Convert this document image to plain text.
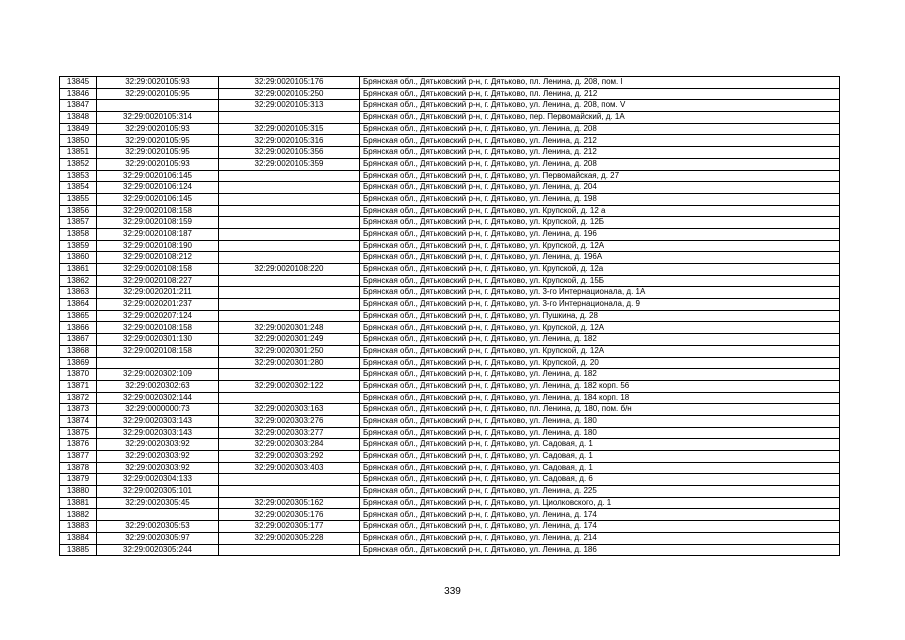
13845	32:29:0020105:93	32:29:0020105:176	Брянская обл., Дятьковский р-н, г. Дятьково, пл. Ленина, д. 208, пом. I
13846	32:29:0020105:95	32:29:0020105:250	Брянская обл., Дятьковский р-н, г. Дятьково, пл. Ленина, д. 212
13847		32:29:0020105:313	Брянская обл., Дятьковский р-н, г. Дятьково, ул. Ленина, д. 208, пом. V
13848	32:29:0020105:314		Брянская обл., Дятьковский р-н, г. Дятьково, пер. Первомайский, д. 1А
13849	32:29:0020105:93	32:29:0020105:315	Брянская обл., Дятьковский р-н, г. Дятьково, ул. Ленина, д. 208
13850	32:29:0020105:95	32:29:0020105:316	Брянская обл., Дятьковский р-н, г. Дятьково, ул. Ленина, д. 212
13851	32:29:0020105:95	32:29:0020105:356	Брянская обл., Дятьковский р-н, г. Дятьково, ул. Ленина, д. 212
13852	32:29:0020105:93	32:29:0020105:359	Брянская обл., Дятьковский р-н, г. Дятьково, ул. Ленина, д. 208
13853	32:29:0020106:145		Брянская обл., Дятьковский р-н, г. Дятьково, ул. Первомайская, д. 27
13854	32:29:0020106:124		Брянская обл., Дятьковский р-н, г. Дятьково, ул. Ленина, д. 204
13855	32:29:0020106:145		Брянская обл., Дятьковский р-н, г. Дятьково, ул. Ленина, д. 198
13856	32:29:0020108:158		Брянская обл., Дятьковский р-н, г. Дятьково, ул. Крупской, д. 12 а
13857	32:29:0020108:159		Брянская обл., Дятьковский р-н, г. Дятьково, ул. Крупской, д. 12Б
13858	32:29:0020108:187		Брянская обл., Дятьковский р-н, г. Дятьково, ул. Ленина, д. 196
13859	32:29:0020108:190		Брянская обл., Дятьковский р-н, г. Дятьково, ул. Крупской, д. 12А
13860	32:29:0020108:212		Брянская обл., Дятьковский р-н, г. Дятьково, ул. Ленина, д. 196А
13861	32:29:0020108:158	32:29:0020108:220	Брянская обл., Дятьковский р-н, г. Дятьково, ул. Крупской, д. 12а
13862	32:29:0020108:227		Брянская обл., Дятьковский р-н, г. Дятьково, ул. Крупской, д. 15Б
13863	32:29:0020201:211		Брянская обл., Дятьковский р-н, г. Дятьково, ул. 3-го Интернационала, д. 1А
13864	32:29:0020201:237		Брянская обл., Дятьковский р-н, г. Дятьково, ул. 3-го Интернационала, д. 9
13865	32:29:0020207:124		Брянская обл., Дятьковский р-н, г. Дятьково, ул. Пушкина, д. 28
13866	32:29:0020108:158	32:29:0020301:248	Брянская обл., Дятьковский р-н, г. Дятьково, ул. Крупской, д. 12А
13867	32:29:0020301:130	32:29:0020301:249	Брянская обл., Дятьковский р-н, г. Дятьково, ул. Ленина, д. 182
13868	32:29:0020108:158	32:29:0020301:250	Брянская обл., Дятьковский р-н, г. Дятьково, ул. Крупской, д. 12А
13869		32:29:0020301:280	Брянская обл., Дятьковский р-н, г. Дятьково, ул. Крупской, д. 20
13870	32:29:0020302:109		Брянская обл., Дятьковский р-н, г. Дятьково, ул. Ленина, д. 182
13871	32:29:0020302:63	32:29:0020302:122	Брянская обл., Дятьковский р-н, г. Дятьково, ул. Ленина, д. 182 корп. 56
13872	32:29:0020302:144		Брянская обл., Дятьковский р-н, г. Дятьково, ул. Ленина, д. 184 корп. 18
13873	32:29:0000000:73	32:29:0020303:163	Брянская обл., Дятьковский р-н, г. Дятьково, пл. Ленина, д. 180, пом. б/н
13874	32:29:0020303:143	32:29:0020303:276	Брянская обл., Дятьковский р-н, г. Дятьково, ул. Ленина, д. 180
13875	32:29:0020303:143	32:29:0020303:277	Брянская обл., Дятьковский р-н, г. Дятьково, ул. Ленина, д. 180
13876	32:29:0020303:92	32:29:0020303:284	Брянская обл., Дятьковский р-н, г. Дятьково, ул. Садовая, д. 1
13877	32:29:0020303:92	32:29:0020303:292	Брянская обл., Дятьковский р-н, г. Дятьково, ул. Садовая, д. 1
13878	32:29:0020303:92	32:29:0020303:403	Брянская обл., Дятьковский р-н, г. Дятьково, ул. Садовая, д. 1
13879	32:29:0020304:133		Брянская обл., Дятьковский р-н, г. Дятьково, ул. Садовая, д. 6
13880	32:29:0020305:101		Брянская обл., Дятьковский р-н, г. Дятьково, ул. Ленина, д. 225
13881	32:29:0020305:45	32:29:0020305:162	Брянская обл., Дятьковский р-н, г. Дятьково, ул. Циолковского, д. 1
13882		32:29:0020305:176	Брянская обл., Дятьковский р-н, г. Дятьково, ул. Ленина, д. 174
13883	32:29:0020305:53	32:29:0020305:177	Брянская обл., Дятьковский р-н, г. Дятьково, ул. Ленина, д. 174
13884	32:29:0020305:97	32:29:0020305:228	Брянская обл., Дятьковский р-н, г. Дятьково, ул. Ленина, д. 214
13885	32:29:0020305:244		Брянская обл., Дятьковский р-н, г. Дятьково, ул. Ленина, д. 186
339
